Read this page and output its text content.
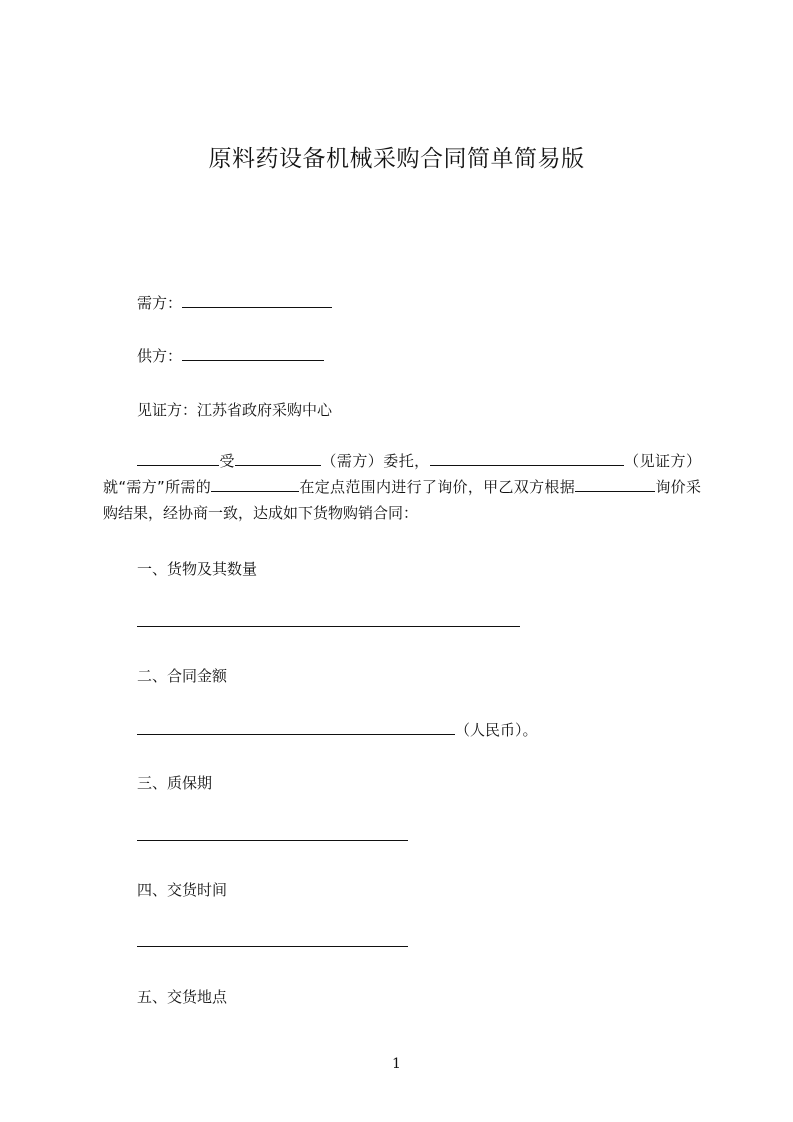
原料药设备机械采购合同简单简易版
需方：
供方：
见证方：江苏省政府采购中心
受	（需方）委托，	（见证方）就“需方”所需的	在定点范围内进行了询价，甲乙双方根据	询价采购结果，经协商一致，达成如下货物购销合同：
一、货物及其数量
二、合同金额
（人民币）。
三、质保期
四、交货时间
五、交货地点
1
